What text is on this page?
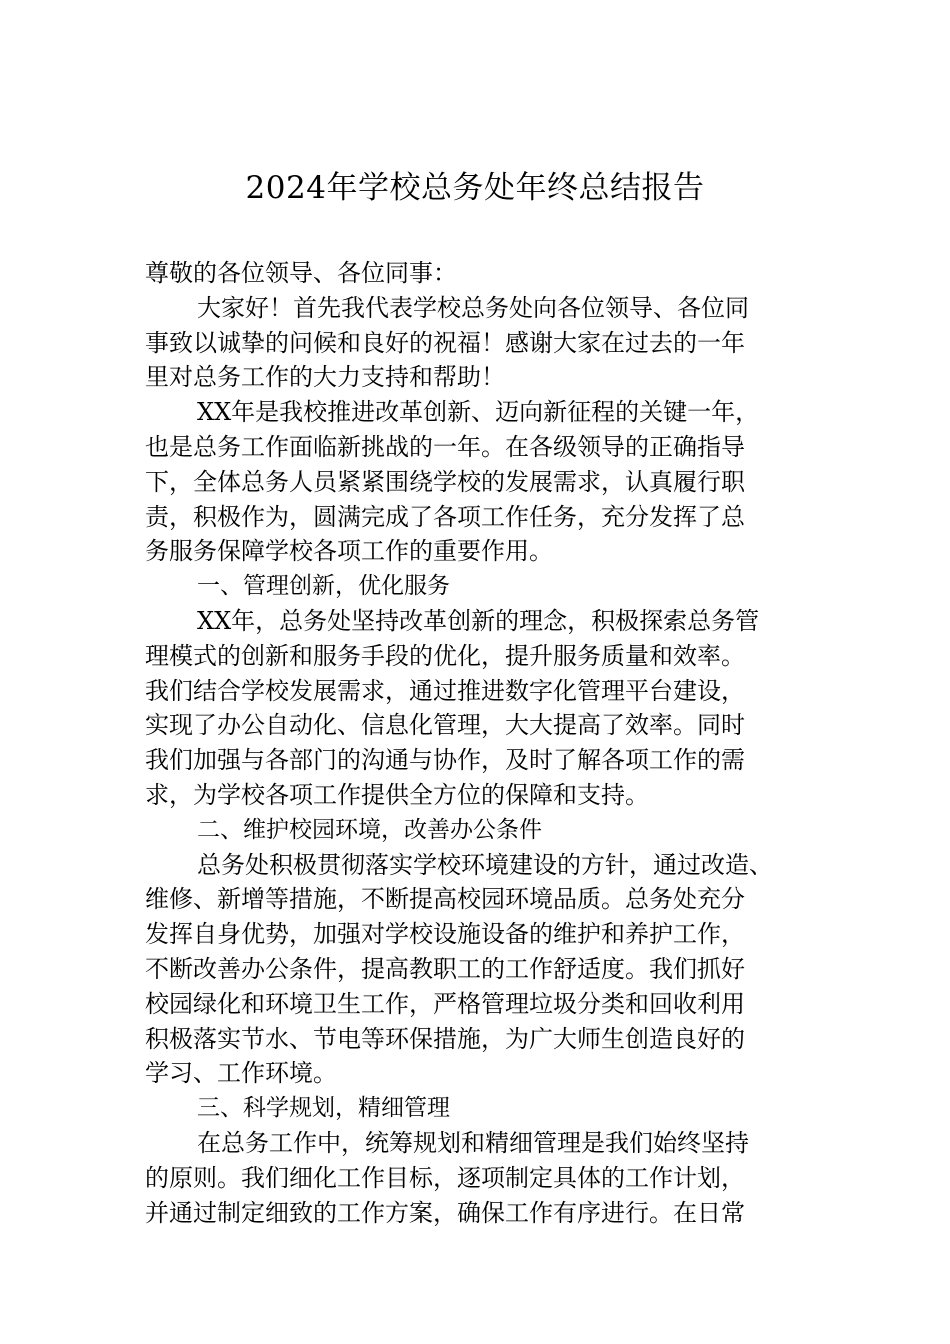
2024年学校总务处年终总结报告
尊敬的各位领导、各位同事：
大家好！首先我代表学校总务处向各位领导、各位同
事致以诚挚的问候和良好的祝福！感谢大家在过去的一年
里对总务工作的大力支持和帮助！
XX年是我校推进改革创新、迈向新征程的关键一年，
也是总务工作面临新挑战的一年。在各级领导的正确指导
下，全体总务人员紧紧围绕学校的发展需求，认真履行职
责，积极作为，圆满完成了各项工作任务，充分发挥了总
务服务保障学校各项工作的重要作用。
一、管理创新，优化服务
XX年，总务处坚持改革创新的理念，积极探索总务管
理模式的创新和服务手段的优化，提升服务质量和效率。
我们结合学校发展需求，通过推进数字化管理平台建设，
实现了办公自动化、信息化管理，大大提高了效率。同时
我们加强与各部门的沟通与协作，及时了解各项工作的需
求，为学校各项工作提供全方位的保障和支持。
二、维护校园环境，改善办公条件
总务处积极贯彻落实学校环境建设的方针，通过改造、
维修、新增等措施，不断提高校园环境品质。总务处充分
发挥自身优势，加强对学校设施设备的维护和养护工作，
不断改善办公条件，提高教职工的工作舒适度。我们抓好
校园绿化和环境卫生工作，严格管理垃圾分类和回收利用
积极落实节水、节电等环保措施，为广大师生创造良好的
学习、工作环境。
三、科学规划，精细管理
在总务工作中，统筹规划和精细管理是我们始终坚持
的原则。我们细化工作目标，逐项制定具体的工作计划，
并通过制定细致的工作方案，确保工作有序进行。在日常
